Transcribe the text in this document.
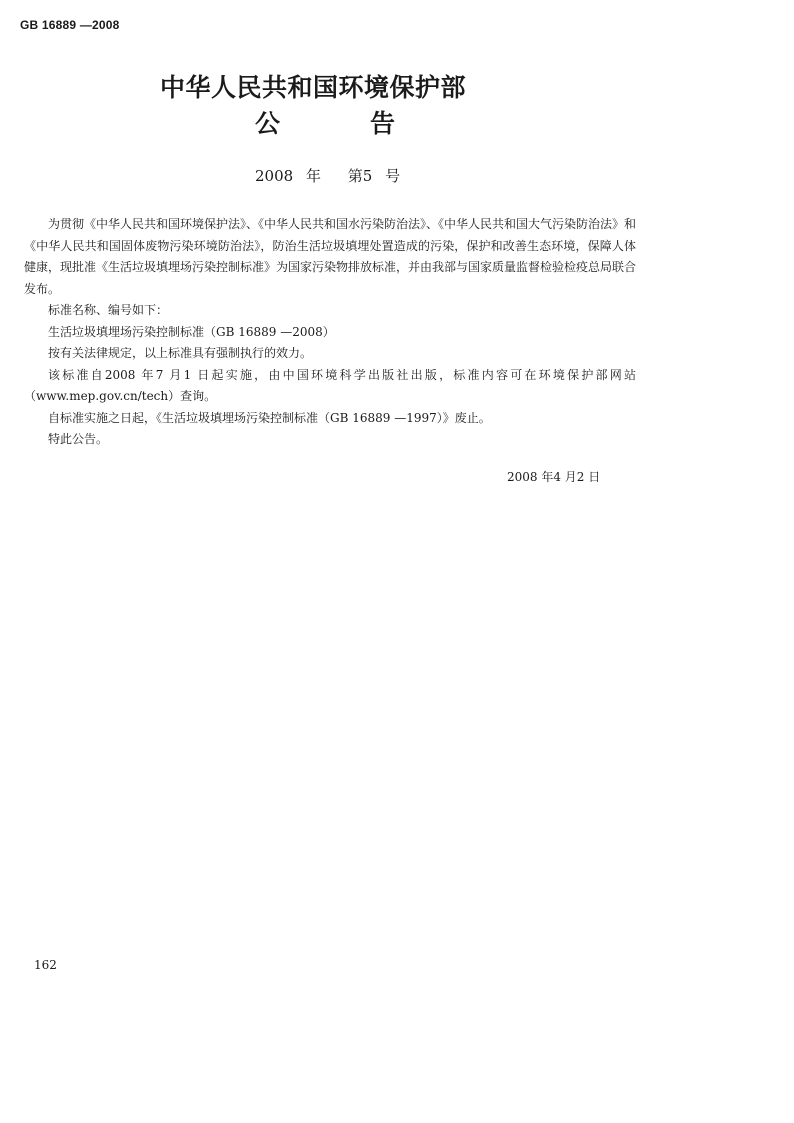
GB 16889 —2008
中华人民共和国环境保护部
公告
2008 年 第5 号

为贯彻《中华人民共和国环境保护法》、《中华人民共和国水污染防治法》、《中华人民共和国大气污染防治法》和《中华人民共和国固体废物污染环境防治法》，防治生活垃圾填埋处置造成的污染，保护和改善生态环境，保障人体健康，现批准《生活垃圾填埋场污染控制标准》为国家污染物排放标准，并由我部与国家质量监督检验检疫总局联合发布。

标准名称、编号如下：

生活垃圾填埋场污染控制标准（GB 16889 —2008）

按有关法律规定，以上标准具有强制执行的效力。

该标准自2008 年7 月1 日起实施，由中国环境科学出版社出版，标准内容可在环境保护部网站（www.mep.gov.cn/tech）查询。

自标准实施之日起，《生活垃圾填埋场污染控制标准（GB 16889 —1997）》废止。

特此公告。

2008 年4 月2 日
162
